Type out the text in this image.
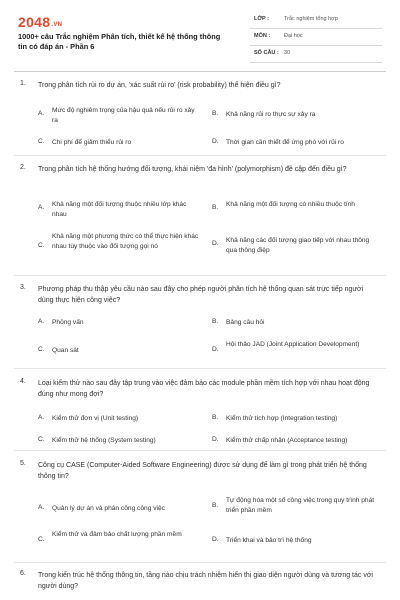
2048.VN
1000+ câu Trắc nghiệm Phân tích, thiết kế hệ thống thông tin có đáp án - Phần 6
LỚP :	Trắc nghiệm tổng hợp
MÔN :	Đại học
SỐ CÂU : 30
1. Trong phân tích rủi ro dự án, 'xác suất rủi ro' (risk probability) thể hiện điều gì?
A. Mức độ nghiêm trọng của hậu quả nếu rủi ro xảy ra
B. Khả năng rủi ro thực sự xảy ra
C. Chi phí để giảm thiểu rủi ro	D. Thời gian cần thiết để ứng phó với rủi ro
2. Trong phân tích hệ thống hướng đối tượng, khái niệm 'đa hình' (polymorphism) đề cập đến điều gì?
A. Khả năng một đối tượng thuộc nhiều lớp khác nhau
B. Khả năng một đối tượng có nhiều thuộc tính
C.
Khả năng một phương thức có thể thực hiện khác nhau tùy thuộc vào đối tượng gọi nó	D. Khả năng các đối tượng giao tiếp với nhau thông qua thông điệp
3. Phương pháp thu thập yêu cầu nào sau đây cho phép người phân tích hệ thống quan sát trực tiếp người dùng thực hiện công việc?
A. Phỏng vấn	B. Bảng câu hỏi
C. Quan sát	D.
Hội thảo JAD (Joint Application Development)
4. Loại kiểm thử nào sau đây tập trung vào việc đảm bảo các module phần mềm tích hợp với nhau hoạt động đúng như mong đợi?
A. Kiểm thử đơn vị (Unit testing)	B. Kiểm thử tích hợp (Integration testing)
C. Kiểm thử hệ thống (System testing)	D. Kiểm thử chấp nhận (Acceptance testing)
5. Công cụ CASE (Computer-Aided Software Engineering) được sử dụng để làm gì trong phát triển hệ thống thông tin?
A. Quản lý dự án và phân công công việc	B.
Tự động hóa một số công việc trong quy trình phát triển phần mềm
C.
Kiểm thử và đảm bảo chất lượng phần mềm
D. Triển khai và bảo trì hệ thống
6. Trong kiến trúc hệ thống thông tin, tầng nào chịu trách nhiệm hiển thị giao diện người dùng và tương tác với người dùng?
